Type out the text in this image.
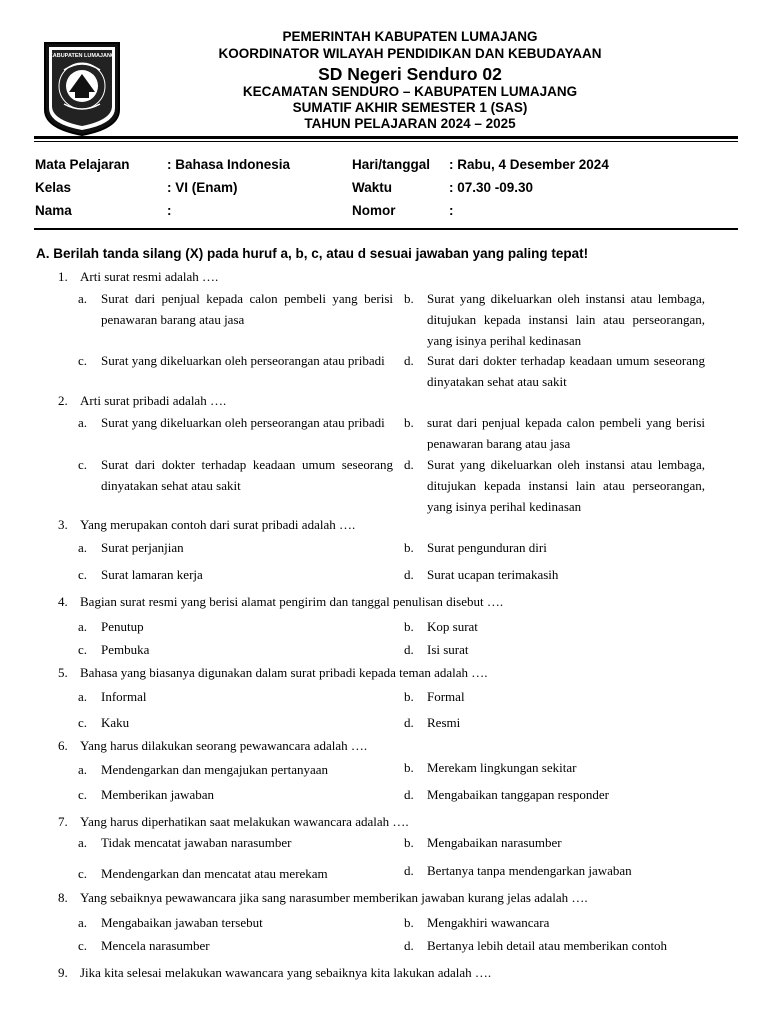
KABUPATEN LUMAJANG
PEMERINTAH KABUPATEN LUMAJANG
KOORDINATOR WILAYAH PENDIDIKAN DAN KEBUDAYAAN
SD Negeri Senduro 02
KECAMATAN SENDURO – KABUPATEN LUMAJANG
SUMATIF AKHIR SEMESTER 1 (SAS)
TAHUN PELAJARAN 2024 – 2025
Mata Pelajaran	: Bahasa Indonesia
Kelas	: VI (Enam)
Nama	:
Hari/tanggal : Rabu, 4 Desember 2024
Waktu	: 07.30 -09.30
Nomor	:
A. Berilah tanda silang (X) pada huruf a, b, c, atau d sesuai jawaban yang paling tepat!
1. Arti surat resmi adalah ….
a. Surat dari penjual kepada calon pembeli yang berisi penawaran barang atau jasa
b. Surat yang dikeluarkan oleh instansi atau lembaga, ditujukan kepada instansi lain atau perseorangan, yang isinya perihal kedinasan
c. Surat yang dikeluarkan oleh perseorangan atau pribadi	d. Surat dari dokter terhadap keadaan umum seseorang dinyatakan sehat atau sakit
2. Arti surat pribadi adalah ….
a. Surat yang dikeluarkan oleh perseorangan atau pribadi	b. surat dari penjual kepada calon pembeli yang berisi penawaran barang atau jasa
c. Surat dari dokter terhadap keadaan umum seseorang dinyatakan sehat atau sakit
d. Surat yang dikeluarkan oleh instansi atau lembaga, ditujukan kepada instansi lain atau perseorangan, yang isinya perihal kedinasan
3. Yang merupakan contoh dari surat pribadi adalah ….
a. Surat perjanjian	b. Surat pengunduran diri
c. Surat lamaran kerja	d. Surat ucapan terimakasih
4. Bagian surat resmi yang berisi alamat pengirim dan tanggal penulisan disebut ….
a. Penutup	b. Kop surat
c. Pembuka	d. Isi surat
5. Bahasa yang biasanya digunakan dalam surat pribadi kepada teman adalah ….
a. Informal	b. Formal
c. Kaku	d. Resmi
6. Yang harus dilakukan seorang pewawancara adalah ….
a. Mendengarkan dan mengajukan pertanyaan	b. Merekam lingkungan sekitar
c. Memberikan jawaban	d. Mengabaikan tanggapan responder
7. Yang harus diperhatikan saat melakukan wawancara adalah ….
a. Tidak mencatat jawaban narasumber	b. Mengabaikan narasumber
c. Mendengarkan dan mencatat atau merekam	d. Bertanya tanpa mendengarkan jawaban
8. Yang sebaiknya pewawancara jika sang narasumber memberikan jawaban kurang jelas adalah ….
a. Mengabaikan jawaban tersebut	b. Mengakhiri wawancara
c. Mencela narasumber	d. Bertanya lebih detail atau memberikan contoh
9. Jika kita selesai melakukan wawancara yang sebaiknya kita lakukan adalah ….
